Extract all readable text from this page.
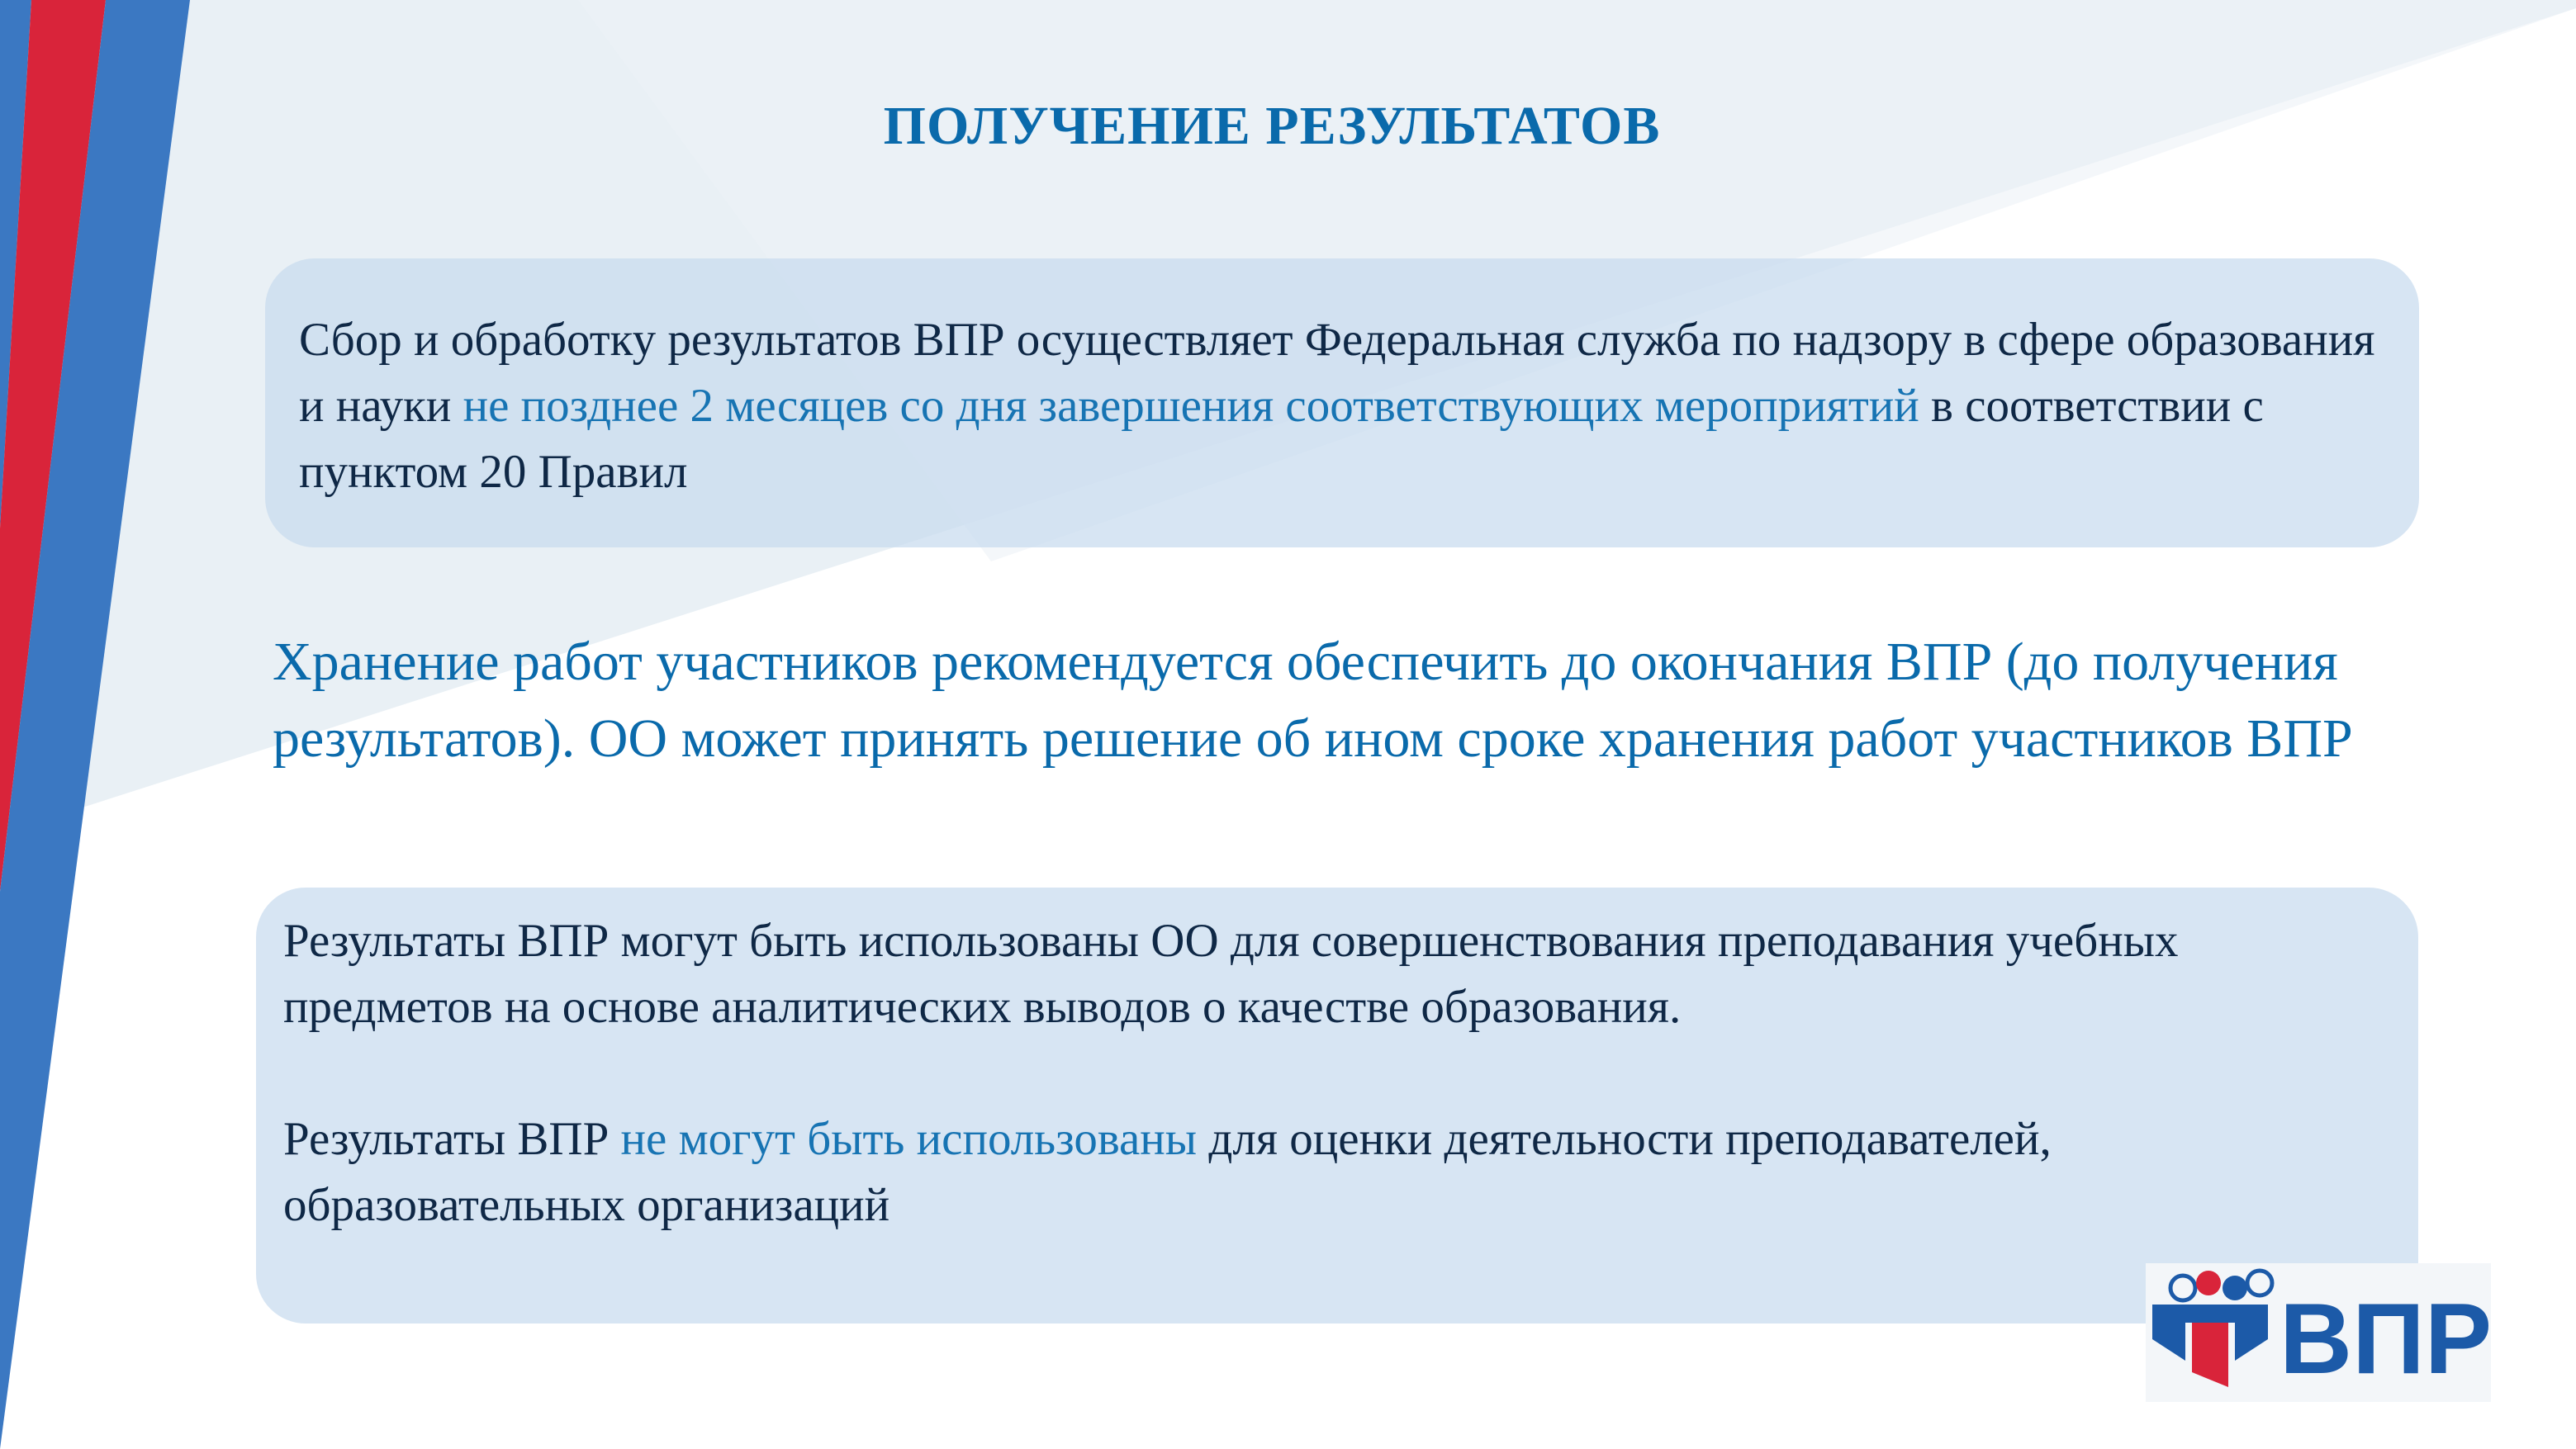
ПОЛУЧЕНИЕ РЕЗУЛЬТАТОВ

Сбор и обработку результатов ВПР осуществляет Федеральная служба по надзору в сфере образования и науки не позднее 2 месяцев со дня завершения соответствующих мероприятий в соответствии с пунктом 20 Правил

Хранение работ участников рекомендуется обеспечить до окончания ВПР (до получения результатов). ОО может принять решение об ином сроке хранения работ участников ВПР

Результаты ВПР могут быть использованы ОО для совершенствования преподавания учебных предметов на основе аналитических выводов о качестве образования.

Результаты ВПР не могут быть использованы для оценки деятельности преподавателей, образовательных организаций

ВПР
